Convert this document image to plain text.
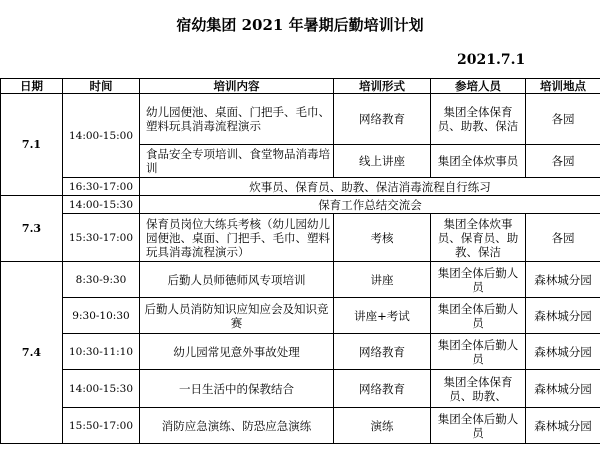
宿幼集团 2021 年暑期后勤培训计划
2021.7.1
日期	时间	培训内容	培训形式	参培人员	培训地点
7.1	14:00-15:00	幼儿园便池、桌面、门把手、毛巾、塑料玩具消毒流程演示	网络教育	集团全体保育员、助教、保洁	各园
		食品安全专项培训、食堂物品消毒培训	线上讲座	集团全体炊事员	各园
	16:30-17:00	炊事员、保育员、助教、保洁消毒流程自行练习			
7.3	14:00-15:30	保育工作总结交流会			
	15:30-17:00	保育员岗位大练兵考核（幼儿园幼儿园便池、桌面、门把手、毛巾、塑料玩具消毒流程演示）	考核	集团全体炊事员、保育员、助教、保洁	各园
7.4	8:30-9:30	后勤人员师德师风专项培训	讲座	集团全体后勤人员	森林城分园
	9:30-10:30	后勤人员消防知识应知应会及知识竞赛	讲座+考试	集团全体后勤人员	森林城分园
	10:30-11:10	幼儿园常见意外事故处理	网络教育	集团全体后勤人员	森林城分园
	14:00-15:30	一日生活中的保教结合	网络教育	集团全体保育员、助教、	森林城分园
	15:50-17:00	消防应急演练、防恐应急演练	演练	集团全体后勤人员	森林城分园
